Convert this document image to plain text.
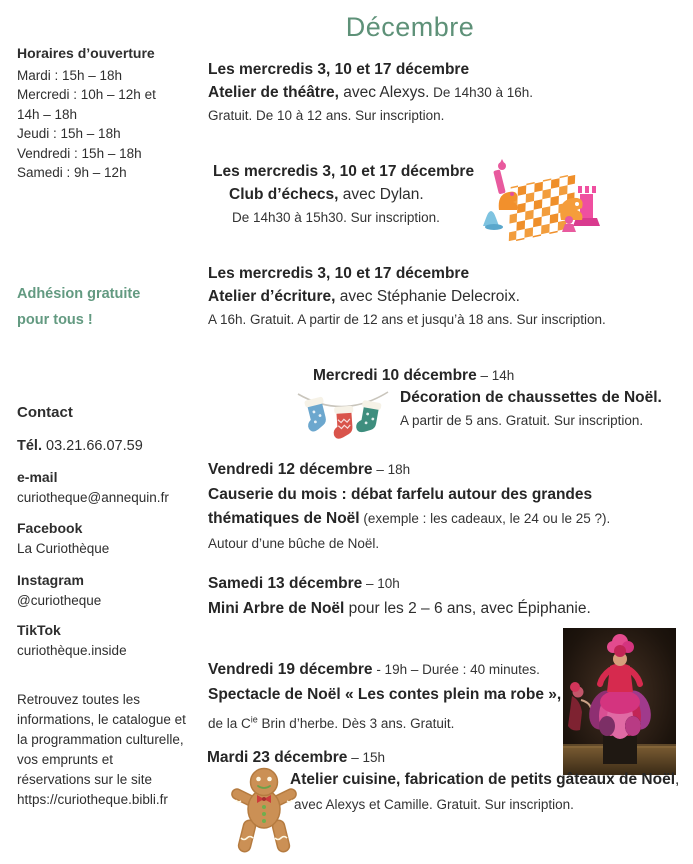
Décembre
Horaires d’ouverture
Mardi : 15h – 18h
Mercredi : 10h – 12h et 14h – 18h
Jeudi : 15h – 18h
Vendredi : 15h – 18h
Samedi : 9h – 12h
Adhésion gratuite pour tous !
Contact
Tél. 03.21.66.07.59
e-mail
curiotheque@annequin.fr
Facebook
La Curiothèque
Instagram
@curiotheque
TikTok
curiothèque.inside
Retrouvez toutes les informations, le catalogue et la programmation culturelle, vos emprunts et réservations sur le site https://curiotheque.bibli.fr
Les mercredis 3, 10 et 17 décembre
Atelier de théâtre, avec Alexys. De 14h30 à 16h.
Gratuit. De 10 à 12 ans. Sur inscription.
Les mercredis 3, 10 et 17 décembre
Club d’échecs, avec Dylan.
De 14h30 à 15h30. Sur inscription.
Les mercredis 3, 10 et 17 décembre
Atelier d’écriture, avec Stéphanie Delecroix.
A 16h. Gratuit. A partir de 12 ans et jusqu’à 18 ans. Sur inscription.
Mercredi 10 décembre – 14h
Décoration de chaussettes de Noël.
A partir de 5 ans. Gratuit. Sur inscription.
Vendredi 12 décembre – 18h
Causerie du mois : débat farfelu autour des grandes
thématiques de Noël (exemple : les cadeaux, le 24 ou le 25 ?).
Autour d’une bûche de Noël.
Samedi 13 décembre – 10h
Mini Arbre de Noël pour les 2 – 6 ans, avec Épiphanie.
Vendredi 19 décembre - 19h – Durée : 40 minutes.
Spectacle de Noël « Les contes plein ma robe »,
de la $C^{ie}$ Brin d’herbe. Dès 3 ans. Gratuit.
Mardi 23 décembre – 15h
Atelier cuisine, fabrication de petits gâteaux de Noël,
avec Alexys et Camille. Gratuit. Sur inscription.
